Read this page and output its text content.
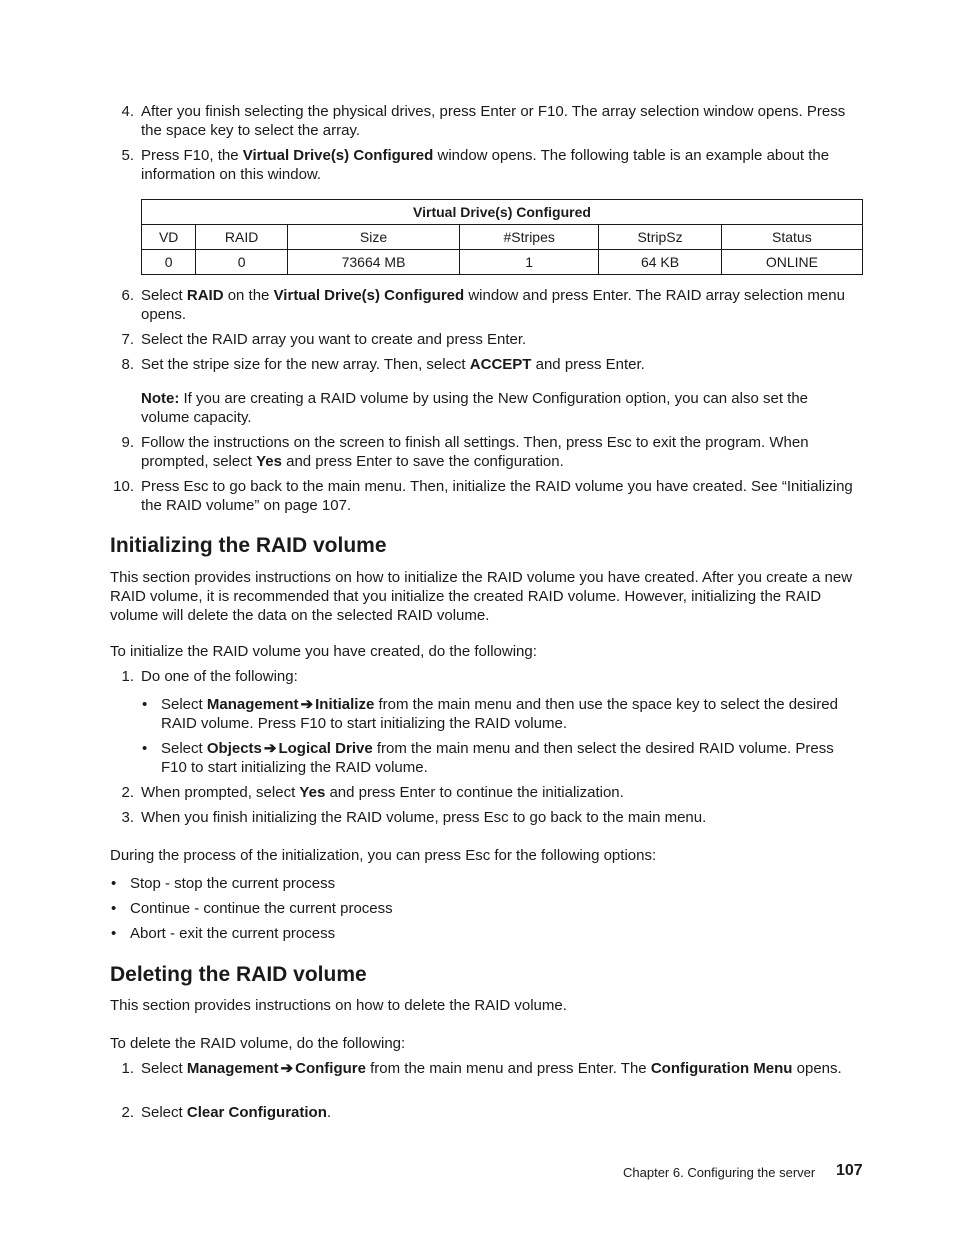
4. After you finish selecting the physical drives, press Enter or F10. The array selection window opens. Press the space key to select the array.
5. Press F10, the Virtual Drive(s) Configured window opens. The following table is an example about the information on this window.
Virtual Drive(s) Configured					
VD	RAID	Size	#Stripes	StripSz	Status
0	0	73664 MB	1	64 KB	ONLINE
6. Select RAID on the Virtual Drive(s) Configured window and press Enter. The RAID array selection menu opens.
7. Select the RAID array you want to create and press Enter.
8. Set the stripe size for the new array. Then, select ACCEPT and press Enter.
Note: If you are creating a RAID volume by using the New Configuration option, you can also set the volume capacity.
9. Follow the instructions on the screen to finish all settings. Then, press Esc to exit the program. When prompted, select Yes and press Enter to save the configuration.
10. Press Esc to go back to the main menu. Then, initialize the RAID volume you have created. See “Initializing the RAID volume” on page 107.
Initializing the RAID volume
This section provides instructions on how to initialize the RAID volume you have created. After you create a new RAID volume, it is recommended that you initialize the created RAID volume. However, initializing the RAID volume will delete the data on the selected RAID volume.
To initialize the RAID volume you have created, do the following:
1. Do one of the following:
• Select Management➔Initialize from the main menu and then use the space key to select the desired RAID volume. Press F10 to start initializing the RAID volume.
• Select Objects➔Logical Drive from the main menu and then select the desired RAID volume. Press F10 to start initializing the RAID volume.
2. When prompted, select Yes and press Enter to continue the initialization.
3. When you finish initializing the RAID volume, press Esc to go back to the main menu.
During the process of the initialization, you can press Esc for the following options:
• Stop - stop the current process
• Continue - continue the current process
• Abort - exit the current process
Deleting the RAID volume
This section provides instructions on how to delete the RAID volume.
To delete the RAID volume, do the following:
1. Select Management➔Configure from the main menu and press Enter. The Configuration Menu opens.
2. Select Clear Configuration.
Chapter 6. Configuring the server 107
